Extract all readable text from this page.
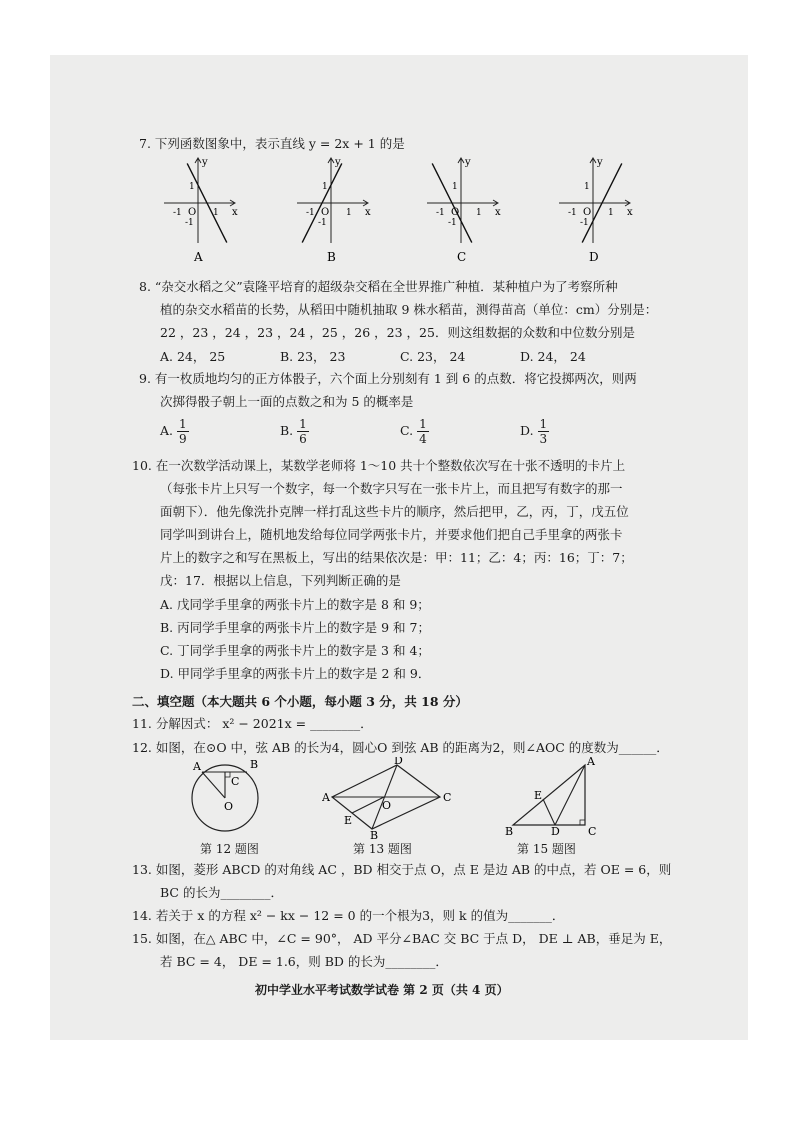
7. 下列函数图象中，表示直线 y = 2x + 1 的是
y
x
O 1
-1
1
-1
A
y
x
O 1
-1
1
-1
B
y
x
O 1
-1
1
-1
C
y
x
O 1
-1
1
-1
D
8. “杂交水稻之父”袁隆平培育的超级杂交稻在全世界推广种植．某种植户为了考察所种
植的杂交水稻苗的长势，从稻田中随机抽取 9 株水稻苗，测得苗高（单位：cm）分别是：
22 ，23 ，24 ，23 ，24 ，25 ，26 ，23 ，25．则这组数据的众数和中位数分别是
A. 24， 25	B. 23， 23	C. 23， 24	D. 24， 24
9. 有一枚质地均匀的正方体骰子，六个面上分别刻有 1 到 6 的点数．将它投掷两次，则两
次掷得骰子朝上一面的点数之和为 5 的概率是
A. $\frac{1}{9}$	B. $\frac{1}{6}$	C. $\frac{1}{4}$	D. $\frac{1}{3}$
10. 在一次数学活动课上，某数学老师将 1～10 共十个整数依次写在十张不透明的卡片上
（每张卡片上只写一个数字，每一个数字只写在一张卡片上，而且把写有数字的那一
面朝下）．他先像洗扑克牌一样打乱这些卡片的顺序，然后把甲，乙，丙，丁，戊五位
同学叫到讲台上，随机地发给每位同学两张卡片，并要求他们把自己手里拿的两张卡
片上的数字之和写在黑板上，写出的结果依次是：甲：11；乙：4；丙：16；丁：7；
戊：17．根据以上信息，下列判断正确的是
A. 戊同学手里拿的两张卡片上的数字是 8 和 9；
B. 丙同学手里拿的两张卡片上的数字是 9 和 7；
C. 丁同学手里拿的两张卡片上的数字是 3 和 4；
D. 甲同学手里拿的两张卡片上的数字是 2 和 9．
二、填空题（本大题共 6 个小题，每小题 3 分，共 18 分）
11. 分解因式： x² − 2021x = ________．
12. 如图，在⊙O 中，弦 AB 的长为4，圆心O 到弦 AB 的距离为2，则∠AOC 的度数为______．
A	B
C
O
第 12 题图
D
A	C
B
E
O
第 13 题图
A
B	C
D
E
第 15 题图
13. 如图，菱形 ABCD 的对角线 AC ，BD 相交于点 O，点 E 是边 AB 的中点，若 OE = 6，则
BC 的长为________．
14. 若关于 x 的方程 x² − kx − 12 = 0 的一个根为3，则 k 的值为_______．
15. 如图，在△ ABC 中，∠C = 90°， AD 平分∠BAC 交 BC 于点 D， DE ⊥ AB，垂足为 E，
若 BC = 4， DE = 1.6，则 BD 的长为________．
初中学业水平考试数学试卷 第 2 页（共 4 页）
